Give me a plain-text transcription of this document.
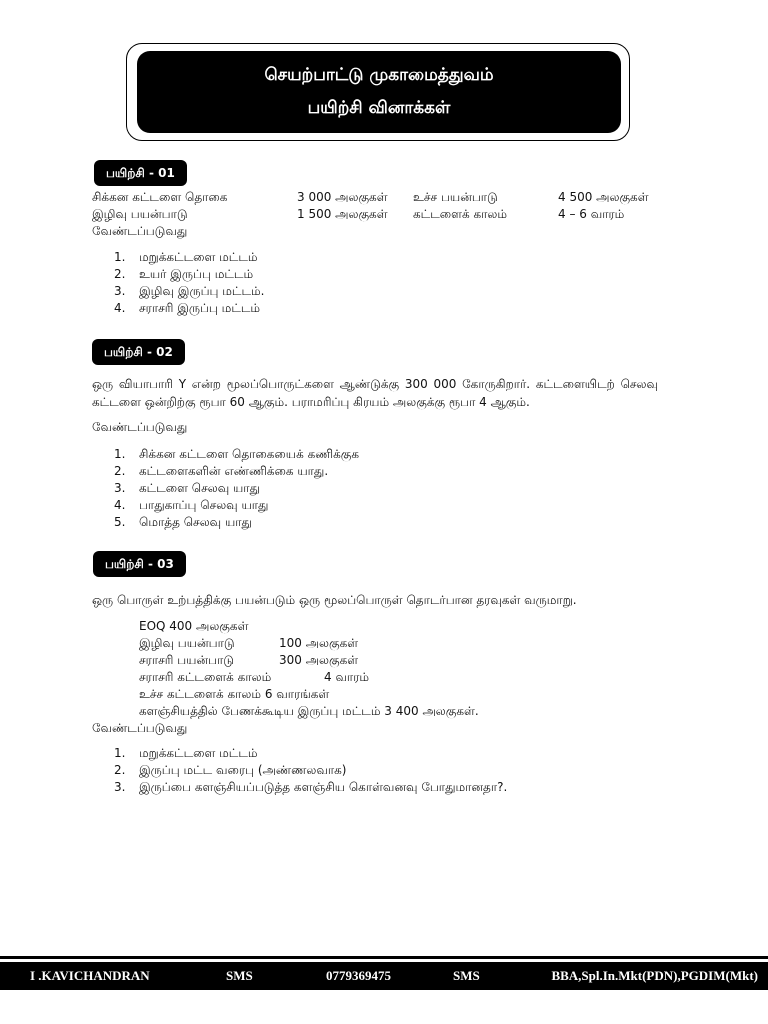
செயற்பாட்டு முகாமைத்துவம்
பயிற்சி வினாக்கள்
பயிற்சி - 01
சிக்கன கட்டளை தொகை	3 000 அலகுகள் உச்ச பயன்பாடு	4 500 அலகுகள்
இழிவு பயன்பாடு	1 500 அலகுகள் கட்டளைக் காலம்	4 – 6 வாரம்
வேண்டப்படுவது
மறுக்கட்டளை மட்டம்
உயர் இருப்பு மட்டம்
இழிவு இருப்பு மட்டம்.
சராசரி இருப்பு மட்டம்
பயிற்சி - 02
ஒரு வியாபாரி Y என்ற மூலப்பொருட்களை ஆண்டுக்கு 300 000 கோருகிறார். கட்டளையிடற் செலவு கட்டளை ஒன்றிற்கு ரூபா 60 ஆகும். பராமரிப்பு கிரயம் அலகுக்கு ரூபா 4 ஆகும்.
வேண்டப்படுவது
சிக்கன கட்டளை தொகையைக் கணிக்குக
கட்டளைகளின் எண்ணிக்கை யாது.
கட்டளை செலவு யாது
பாதுகாப்பு செலவு யாது
மொத்த செலவு யாது
பயிற்சி - 03
ஒரு பொருள் உற்பத்திக்கு பயன்படும் ஒரு மூலப்பொருள் தொடர்பான தரவுகள் வருமாறு.
EOQ 400 அலகுகள்
இழிவு பயன்பாடு	100 அலகுகள்
சராசரி பயன்பாடு	300 அலகுகள்
சராசரி கட்டளைக் காலம்	4 வாரம்
உச்ச கட்டளைக் காலம் 6 வாரங்கள்
களஞ்சியத்தில் பேணக்கூடிய இருப்பு மட்டம் 3 400 அலகுகள்.
வேண்டப்படுவது
மறுக்கட்டளை மட்டம்
இருப்பு மட்ட வரைபு (அண்ணலவாக)
இருப்பை களஞ்சியப்படுத்த களஞ்சிய கொள்வனவு போதுமானதா?.
I .KAVICHANDRAN	SMS	0779369475	SMS	BBA,Spl.In.Mkt(PDN),PGDIM(Mkt)
